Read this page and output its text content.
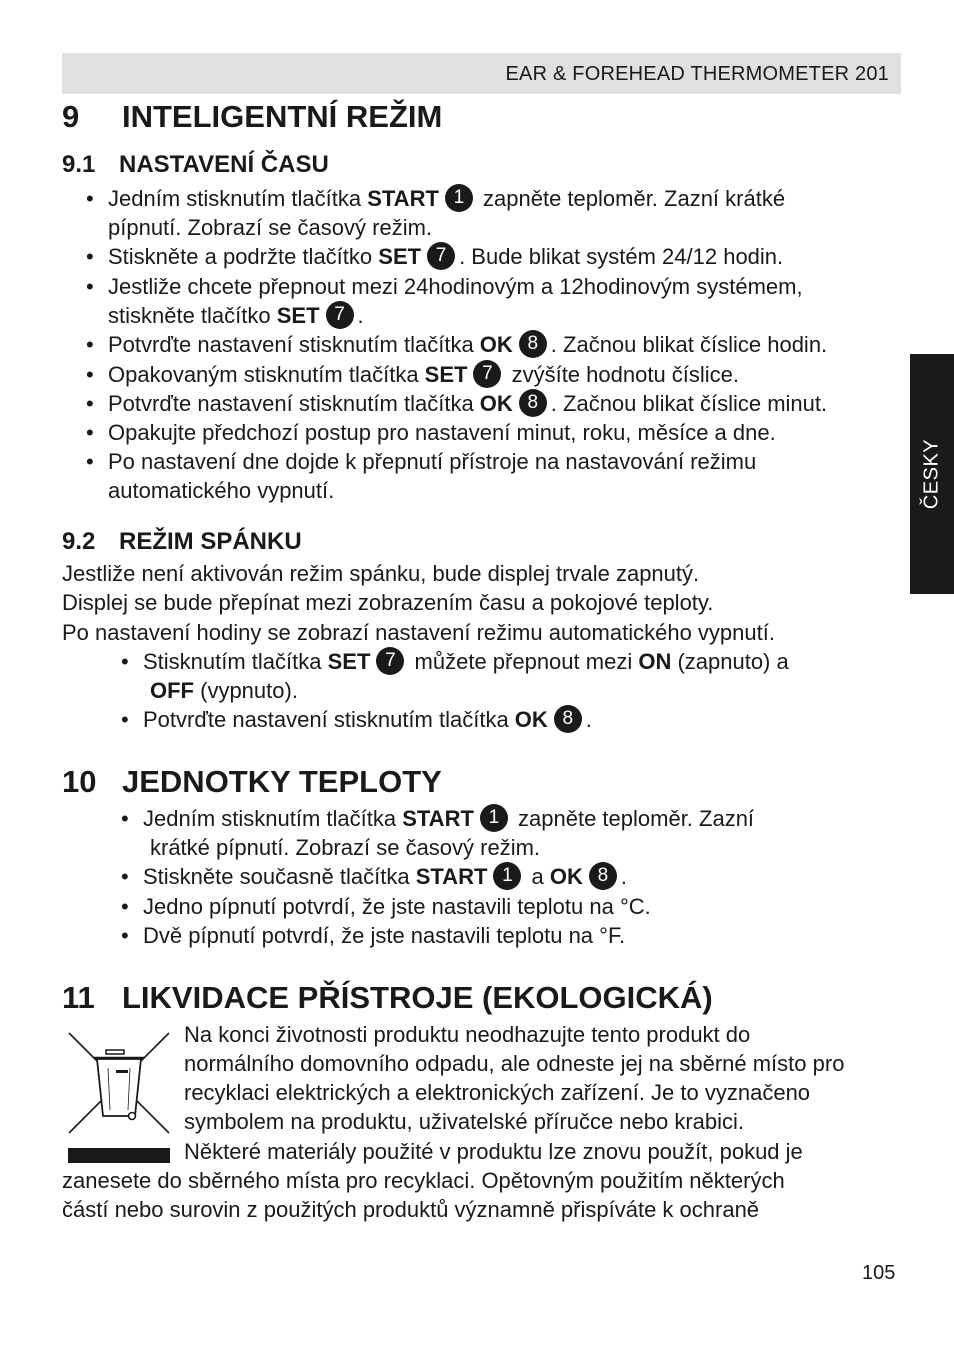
EAR & FOREHEAD THERMOMETER 201
ČESKY
9 INTELIGENTNÍ REŽIM
9.1 NASTAVENÍ ČASU
• Jedním stisknutím tlačítka START 1 zapněte teploměr. Zazní krátké
pípnutí. Zobrazí se časový režim.
• Stiskněte a podržte tlačítko SET 7 . Bude blikat systém 24/12 hodin.
• Jestliže chcete přepnout mezi 24hodinovým a 12hodinovým systémem,
stiskněte tlačítko SET 7 .
• Potvrďte nastavení stisknutím tlačítka OK 8 . Začnou blikat číslice hodin.
• Opakovaným stisknutím tlačítka SET 7 zvýšíte hodnotu číslice.
• Potvrďte nastavení stisknutím tlačítka OK 8 . Začnou blikat číslice minut.
• Opakujte předchozí postup pro nastavení minut, roku, měsíce a dne.
• Po nastavení dne dojde k přepnutí přístroje na nastavování režimu
automatického vypnutí.
9.2 REŽIM SPÁNKU
Jestliže není aktivován režim spánku, bude displej trvale zapnutý.
Displej se bude přepínat mezi zobrazením času a pokojové teploty.
Po nastavení hodiny se zobrazí nastavení režimu automatického vypnutí.
• Stisknutím tlačítka SET 7 můžete přepnout mezi ON (zapnuto) a
OFF (vypnuto).
• Potvrďte nastavení stisknutím tlačítka OK 8 .
10 JEDNOTKY TEPLOTY
• Jedním stisknutím tlačítka START 1 zapněte teploměr. Zazní
krátké pípnutí. Zobrazí se časový režim.
• Stiskněte současně tlačítka START 1 a OK 8 .
• Jedno pípnutí potvrdí, že jste nastavili teplotu na °C.
• Dvě pípnutí potvrdí, že jste nastavili teplotu na °F.
11 LIKVIDACE PŘÍSTROJE (EKOLOGICKÁ)
Na konci životnosti produktu neodhazujte tento produkt do
normálního domovního odpadu, ale odneste jej na sběrné místo pro
recyklaci elektrických a elektronických zařízení. Je to vyznačeno
symbolem na produktu, uživatelské příručce nebo krabici.
Některé materiály použité v produktu lze znovu použít, pokud je
zanesete do sběrného místa pro recyklaci. Opětovným použitím některých
částí nebo surovin z použitých produktů významně přispíváte k ochraně
105
